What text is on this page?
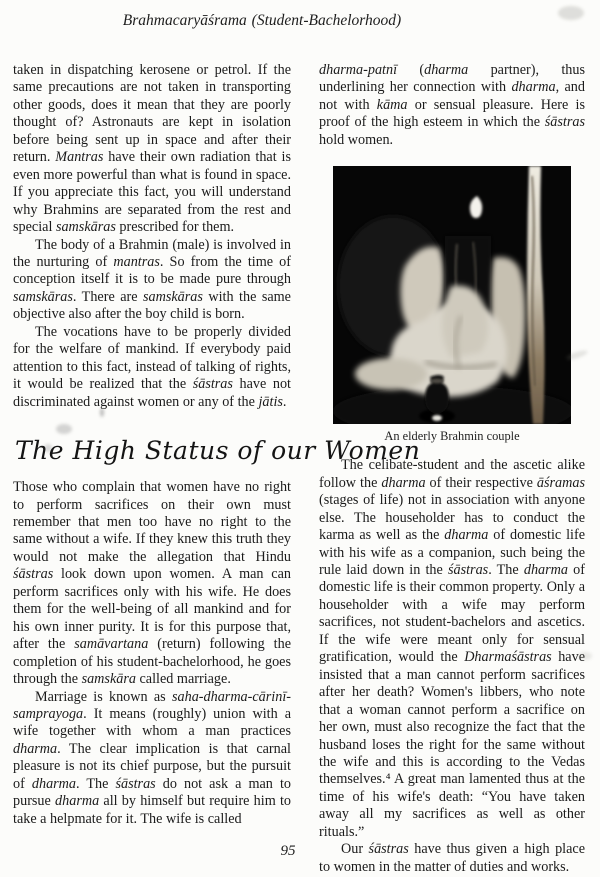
Brahmacaryāśrama (Student-Bachelorhood)

taken in dispatching kerosene or petrol. If the same precautions are not taken in transporting other goods, does it mean that they are poorly thought of? Astronauts are kept in isolation before being sent up in space and after their return. Mantras have their own radiation that is even more powerful than what is found in space. If you appreciate this fact, you will understand why Brahmins are separated from the rest and special samskāras prescribed for them.

The body of a Brahmin (male) is involved in the nurturing of mantras. So from the time of conception itself it is to be made pure through samskāras. There are samskāras with the same objective also after the boy child is born.

The vocations have to be properly divided for the welfare of mankind. If everybody paid attention to this fact, instead of talking of rights, it would be realized that the śāstras have not discriminated against women or any of the jātis.

The High Status of our Women

Those who complain that women have no right to perform sacrifices on their own must remember that men too have no right to the same without a wife. If they knew this truth they would not make the allegation that Hindu śāstras look down upon women. A man can perform sacrifices only with his wife. He does them for the well-being of all mankind and for his own inner purity. It is for this purpose that, after the samāvartana (return) following the completion of his student-bachelorhood, he goes through the samskāra called marriage.

Marriage is known as saha-dharma-cārinī-samprayoga. It means (roughly) union with a wife together with whom a man practices dharma. The clear implication is that carnal pleasure is not its chief purpose, but the pursuit of dharma. The śāstras do not ask a man to pursue dharma all by himself but require him to take a helpmate for it. The wife is called

dharma-patnī (dharma partner), thus underlining her connection with dharma, and not with kāma or sensual pleasure. Here is proof of the high esteem in which the śāstras hold women.

An elderly Brahmin couple

The celibate-student and the ascetic alike follow the dharma of their respective āśramas (stages of life) not in association with anyone else. The householder has to conduct the karma as well as the dharma of domestic life with his wife as a companion, such being the rule laid down in the śāstras. The dharma of domestic life is their common property. Only a householder with a wife may perform sacrifices, not student-bachelors and ascetics. If the wife were meant only for sensual gratification, would the Dharmaśāstras have insisted that a man cannot perform sacrifices after her death? Women's libbers, who note that a woman cannot perform a sacrifice on her own, must also recognize the fact that the husband loses the right for the same without the wife and this is according to the Vedas themselves.⁴ A great man lamented thus at the time of his wife's death: “You have taken away all my sacrifices as well as other rituals.”

Our śāstras have thus given a high place to women in the matter of duties and works.

95
